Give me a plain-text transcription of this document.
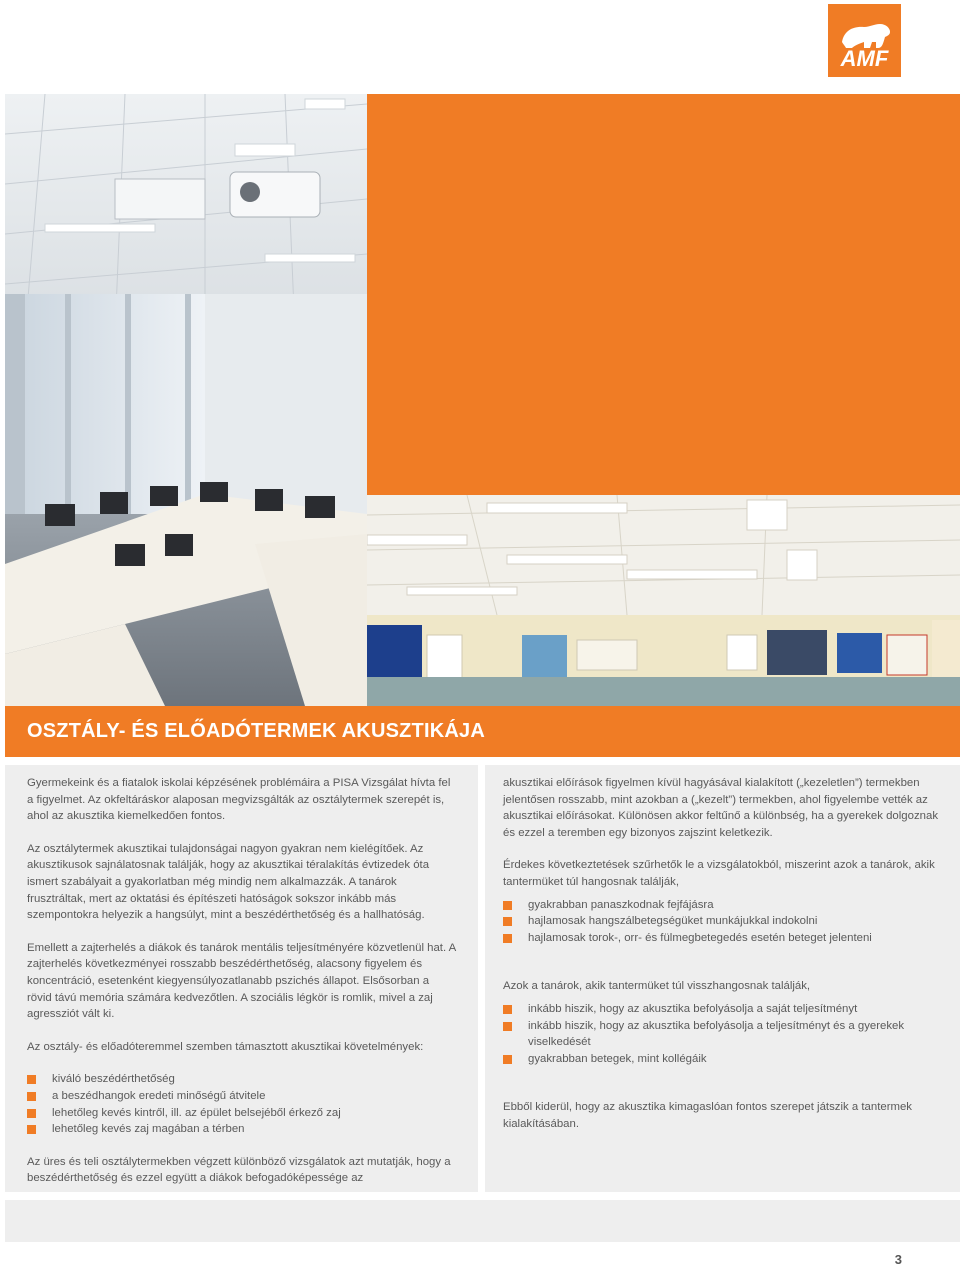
AMF
OSZTÁLY- ÉS ELŐADÓTERMEK AKUSZTIKÁJA

Gyermekeink és a fiatalok iskolai képzésének problémáira a PISA Vizsgálat hívta fel a figyelmet. Az okfeltáráskor alaposan megvizsgálták az osztálytermek szerepét is, ahol az akusztika kiemelkedően fontos.

Az osztálytermek akusztikai tulajdonságai nagyon gyakran nem kielégítőek. Az akusztikusok sajnálatosnak találják, hogy az akusztikai téralakítás évtizedek óta ismert szabályait a gyakorlatban még mindig nem alkalmazzák. A tanárok frusztráltak, mert az oktatási és építészeti hatóságok sokszor inkább más szempontokra helyezik a hangsúlyt, mint a beszédérthetőség és a hallhatóság.

Emellett a zajterhelés a diákok és tanárok mentális teljesítményére közvetlenül hat. A zajterhelés következményei rosszabb beszédérthetőség, alacsony figyelem és koncentráció, esetenként kiegyensúlyozatlanabb pszichés állapot. Elsősorban a rövid távú memória számára kedvezőtlen. A szociális légkör is romlik, mivel a zaj agressziót vált ki.

Az osztály- és előadóteremmel szemben támasztott akusztikai követelmények:

kiváló beszédérthetőség
a beszédhangok eredeti minőségű átvitele
lehetőleg kevés kintről, ill. az épület belsejéből érkező zaj
lehetőleg kevés zaj magában a térben

Az üres és teli osztálytermekben végzett különböző vizsgálatok azt mutatják, hogy a beszédérthetőség és ezzel együtt a diákok befogadóképessége az

akusztikai előírások figyelmen kívül hagyásával kialakított („kezeletlen”) termekben jelentősen rosszabb, mint azokban a („kezelt”) termekben, ahol figyelembe vették az akusztikai előírásokat. Különösen akkor feltűnő a különbség, ha a gyerekek dolgoznak és ezzel a teremben egy bizonyos zajszint keletkezik.

Érdekes következtetések szűrhetők le a vizsgálatokból, miszerint azok a tanárok, akik tantermüket túl hangosnak találják,

gyakrabban panaszkodnak fejfájásra
hajlamosak hangszálbetegségüket munkájukkal indokolni
hajlamosak torok-, orr- és fülmegbetegedés esetén beteget jelenteni

Azok a tanárok, akik tantermüket túl visszhangosnak találják,

inkább hiszik, hogy az akusztika befolyásolja a saját teljesítményt
inkább hiszik, hogy az akusztika befolyásolja a teljesítményt és a gyerekek viselkedését
gyakrabban betegek, mint kollégáik

Ebből kiderül, hogy az akusztika kimagaslóan fontos szerepet játszik a tantermek kialakításában.

3
